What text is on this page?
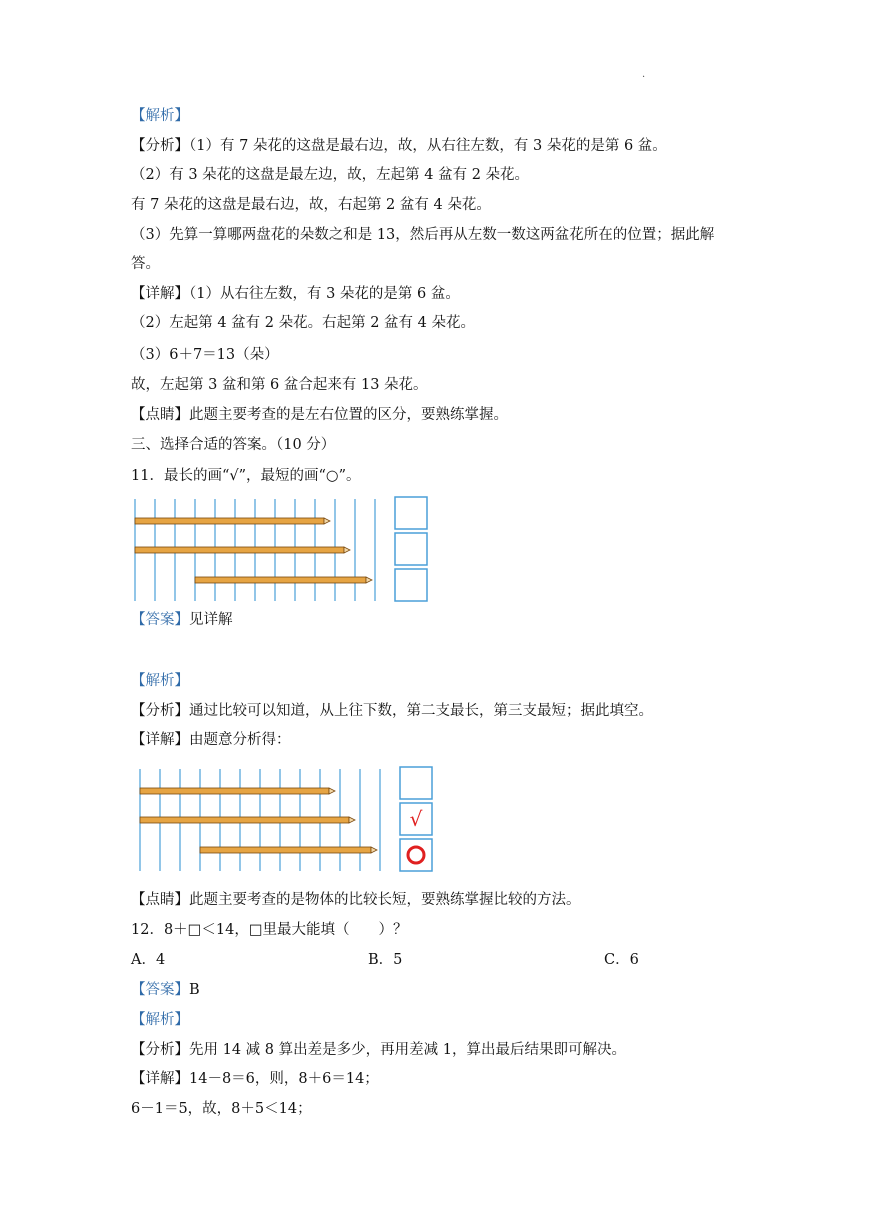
·
【解析】
【分析】（1）有 7 朵花的这盘是最右边，故，从右往左数，有 3 朵花的是第 6 盆。
（2）有 3 朵花的这盘是最左边，故，左起第 4 盆有 2 朵花。
有 7 朵花的这盘是最右边，故，右起第 2 盆有 4 朵花。
（3）先算一算哪两盘花的朵数之和是 13，然后再从左数一数这两盆花所在的位置；据此解
答。
【详解】（1）从右往左数，有 3 朵花的是第 6 盆。
（2）左起第 4 盆有 2 朵花。右起第 2 盆有 4 朵花。
（3）6＋7＝13（朵）
故，左起第 3 盆和第 6 盆合起来有 13 朵花。
【点睛】此题主要考查的是左右位置的区分，要熟练掌握。
三、选择合适的答案。（10 分）
11．最长的画“√”，最短的画“○”。
【答案】见详解
【解析】
【分析】通过比较可以知道，从上往下数，第二支最长，第三支最短；据此填空。
【详解】由题意分析得：
【点睛】此题主要考查的是物体的比较长短，要熟练掌握比较的方法。
12．8＋□＜14，□里最大能填（　　）？
【答案】B
【解析】
【分析】先用 14 减 8 算出差是多少，再用差减 1，算出最后结果即可解决。
【详解】14－8＝6，则，8＋6＝14；
6－1＝5，故，8＋5＜14；
√
A．4	B．5	C．6
